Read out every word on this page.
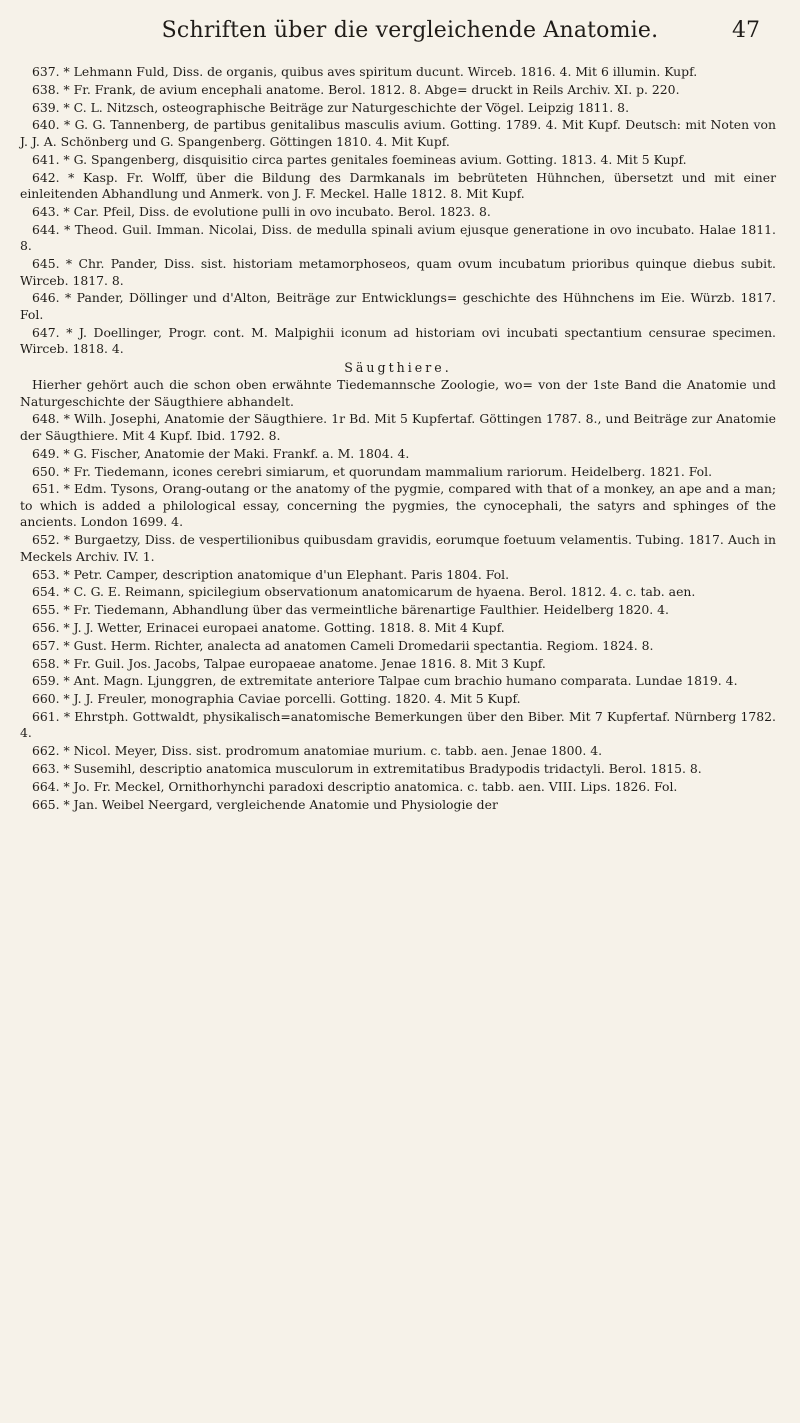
Schriften über die vergleichende Anatomie.	47

637. * Lehmann Fuld, Diss. de organis, quibus aves spiritum ducunt. Wirceb. 1816. 4. Mit 6 illumin. Kupf.

638. * Fr. Frank, de avium encephali anatome. Berol. 1812. 8. Abge= druckt in Reils Archiv. XI. p. 220.

639. * C. L. Nitzsch, osteographische Beiträge zur Naturgeschichte der Vögel. Leipzig 1811. 8.

640. * G. G. Tannenberg, de partibus genitalibus masculis avium. Gotting. 1789. 4. Mit Kupf. Deutsch: mit Noten von J. J. A. Schönberg und G. Spangenberg. Göttingen 1810. 4. Mit Kupf.

641. * G. Spangenberg, disquisitio circa partes genitales foemineas avium. Gotting. 1813. 4. Mit 5 Kupf.

642. * Kasp. Fr. Wolff, über die Bildung des Darmkanals im bebrüteten Hühnchen, übersetzt und mit einer einleitenden Abhandlung und Anmerk. von J. F. Meckel. Halle 1812. 8. Mit Kupf.

643. * Car. Pfeil, Diss. de evolutione pulli in ovo incubato. Berol. 1823. 8.

644. * Theod. Guil. Imman. Nicolai, Diss. de medulla spinali avium ejusque generatione in ovo incubato. Halae 1811. 8.

645. * Chr. Pander, Diss. sist. historiam metamorphoseos, quam ovum incubatum prioribus quinque diebus subit. Wirceb. 1817. 8.

646. * Pander, Döllinger und d'Alton, Beiträge zur Entwicklungs= geschichte des Hühnchens im Eie. Würzb. 1817. Fol.

647. * J. Doellinger, Progr. cont. M. Malpighii iconum ad historiam ovi incubati spectantium censurae specimen. Wirceb. 1818. 4.

Säugthiere.

Hierher gehört auch die schon oben erwähnte Tiedemannsche Zoologie, wo= von der 1ste Band die Anatomie und Naturgeschichte der Säugthiere abhandelt.

648. * Wilh. Josephi, Anatomie der Säugthiere. 1r Bd. Mit 5 Kupfertaf. Göttingen 1787. 8., und Beiträge zur Anatomie der Säugthiere. Mit 4 Kupf. Ibid. 1792. 8.

649. * G. Fischer, Anatomie der Maki. Frankf. a. M. 1804. 4.

650. * Fr. Tiedemann, icones cerebri simiarum, et quorundam mammalium rariorum. Heidelberg. 1821. Fol.

651. * Edm. Tysons, Orang-outang or the anatomy of the pygmie, compared with that of a monkey, an ape and a man; to which is added a philological essay, concerning the pygmies, the cynocephali, the satyrs and sphinges of the ancients. London 1699. 4.

652. * Burgaetzy, Diss. de vespertilionibus quibusdam gravidis, eorumque foetuum velamentis. Tubing. 1817. Auch in Meckels Archiv. IV. 1.

653. * Petr. Camper, description anatomique d'un Elephant. Paris 1804. Fol.

654. * C. G. E. Reimann, spicilegium observationum anatomicarum de hyaena. Berol. 1812. 4. c. tab. aen.

655. * Fr. Tiedemann, Abhandlung über das vermeintliche bärenartige Faulthier. Heidelberg 1820. 4.

656. * J. J. Wetter, Erinacei europaei anatome. Gotting. 1818. 8. Mit 4 Kupf.

657. * Gust. Herm. Richter, analecta ad anatomen Cameli Dromedarii spectantia. Regiom. 1824. 8.

658. * Fr. Guil. Jos. Jacobs, Talpae europaeae anatome. Jenae 1816. 8. Mit 3 Kupf.

659. * Ant. Magn. Ljunggren, de extremitate anteriore Talpae cum brachio humano comparata. Lundae 1819. 4.

660. * J. J. Freuler, monographia Caviae porcelli. Gotting. 1820. 4. Mit 5 Kupf.

661. * Ehrstph. Gottwaldt, physikalisch=anatomische Bemerkungen über den Biber. Mit 7 Kupfertaf. Nürnberg 1782. 4.

662. * Nicol. Meyer, Diss. sist. prodromum anatomiae murium. c. tabb. aen. Jenae 1800. 4.

663. * Susemihl, descriptio anatomica musculorum in extremitatibus Bradypodis tridactyli. Berol. 1815. 8.

664. * Jo. Fr. Meckel, Ornithorhynchi paradoxi descriptio anatomica. c. tabb. aen. VIII. Lips. 1826. Fol.

665. * Jan. Weibel Neergard, vergleichende Anatomie und Physiologie der
